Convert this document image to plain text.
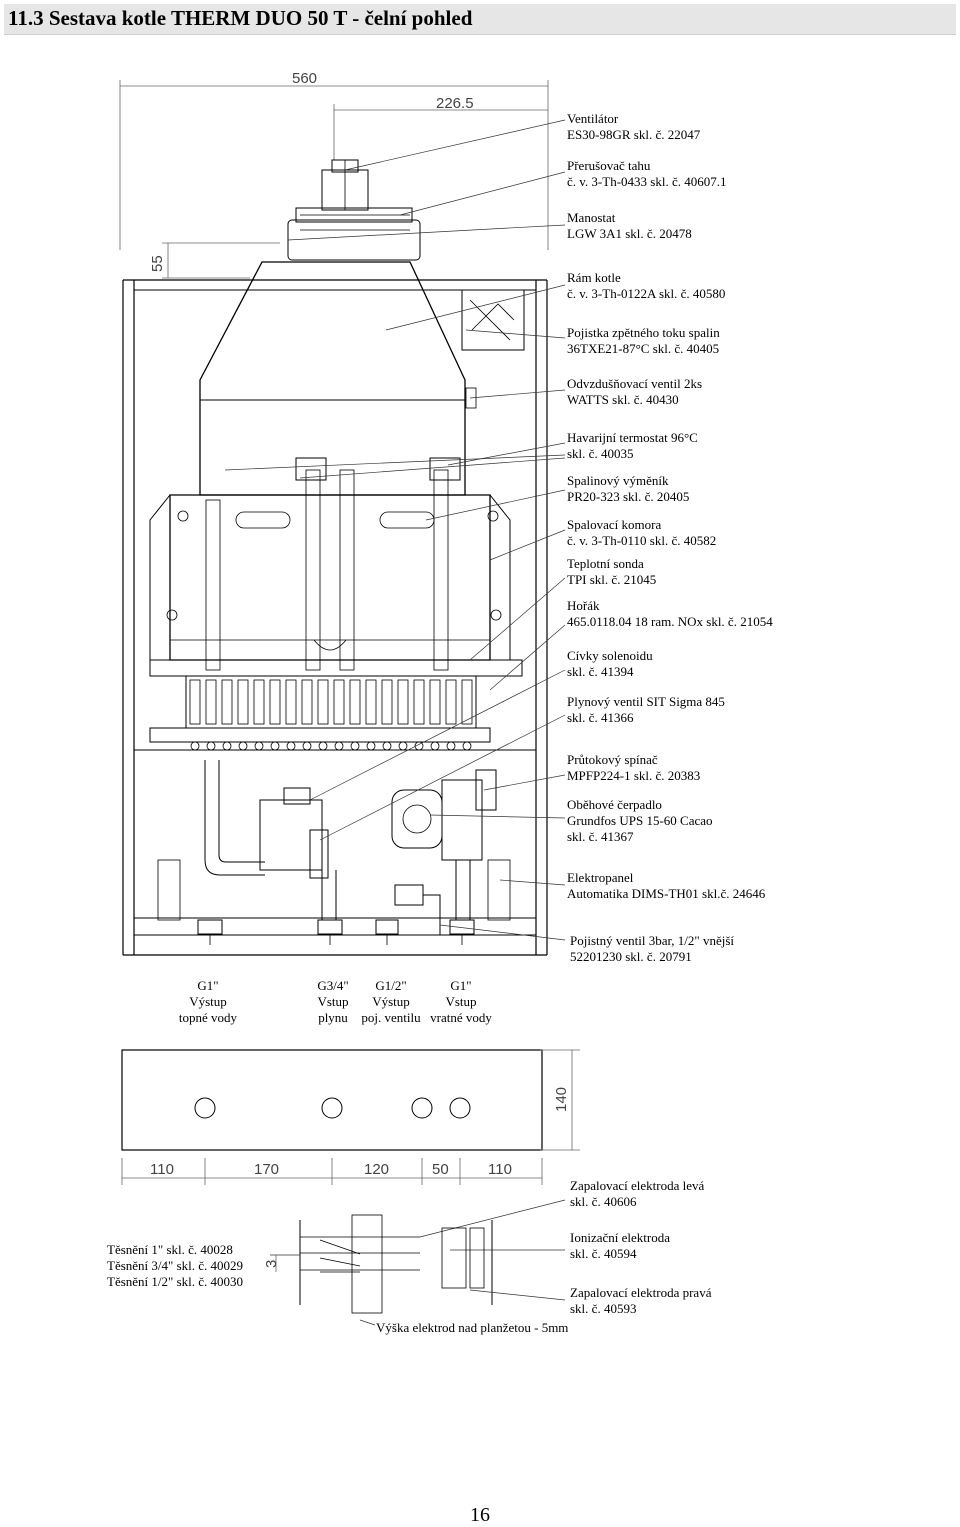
11.3 Sestava kotle THERM DUO 50 T - čelní pohled
560
226.5
55
140
110	170	120	50	110
3
Ventilátor
ES30-98GR skl. č. 22047
Přerušovač tahu
č. v. 3-Th-0433 skl. č. 40607.1
Manostat
LGW 3A1 skl. č. 20478
Rám kotle
č. v. 3-Th-0122A skl. č. 40580
Pojistka zpětného toku spalin
36TXE21-87°C skl. č. 40405
Odvzdušňovací ventil 2ks
WATTS skl. č. 40430
Havarijní termostat 96°C
skl. č. 40035
Spalinový výměník
PR20-323 skl. č. 20405
Spalovací komora
č. v. 3-Th-0110 skl. č. 40582
Teplotní sonda
TPI skl. č. 21045
Hořák
465.0118.04 18 ram. NOx skl. č. 21054
Cívky solenoidu
skl. č. 41394
Plynový ventil SIT Sigma 845
skl. č. 41366
Průtokový spínač
MPFP224-1 skl. č. 20383
Oběhové čerpadlo
Grundfos UPS 15-60 Cacao
skl. č. 41367
Elektropanel
Automatika DIMS-TH01 skl.č. 24646
Pojistný ventil 3bar, 1/2" vnější
52201230 skl. č. 20791
G1"
Výstup
topné vody
G3/4"
Vstup
plynu
G1/2"
Výstup
poj. ventilu
G1"
Vstup
vratné vody
Těsnění 1" skl. č. 40028
Těsnění 3/4" skl. č. 40029
Těsnění 1/2" skl. č. 40030
Zapalovací elektroda levá
skl. č. 40606
Ionizační elektroda
skl. č. 40594
Zapalovací elektroda pravá
skl. č. 40593
Výška elektrod nad planžetou - 5mm
16
